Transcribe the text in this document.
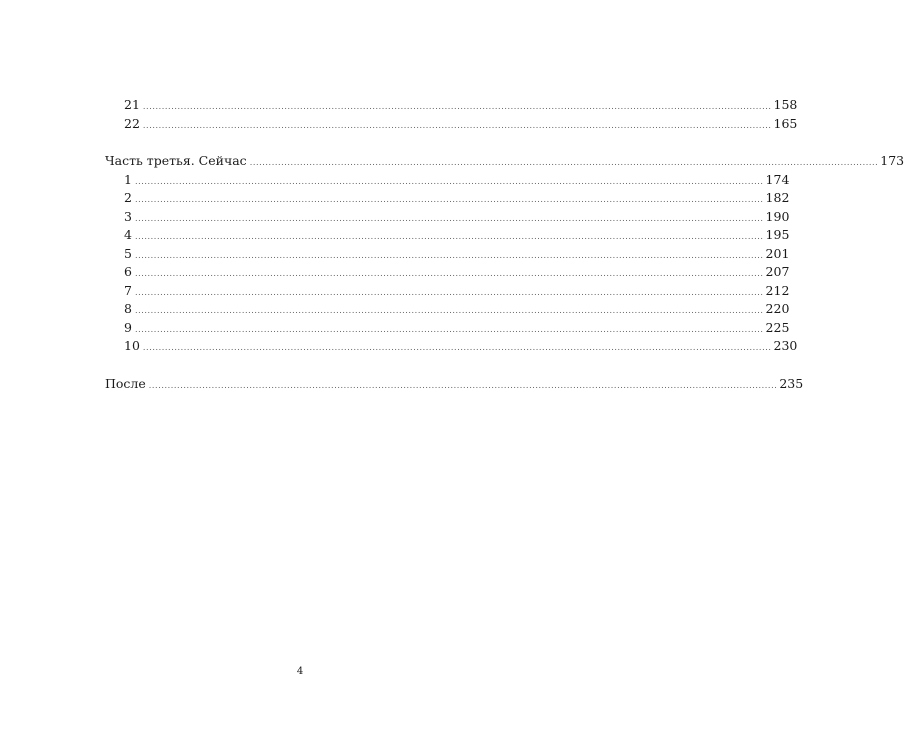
21 ........................................................................................................................................................................................................ 158
22 ........................................................................................................................................................................................................ 165
Часть третья. Сейчас ........................................................................................................................................................................................................ 173
1 ........................................................................................................................................................................................................ 174
2 ........................................................................................................................................................................................................ 182
3 ........................................................................................................................................................................................................ 190
4 ........................................................................................................................................................................................................ 195
5 ........................................................................................................................................................................................................ 201
6 ........................................................................................................................................................................................................ 207
7 ........................................................................................................................................................................................................ 212
8 ........................................................................................................................................................................................................ 220
9 ........................................................................................................................................................................................................ 225
10 ........................................................................................................................................................................................................ 230
После ........................................................................................................................................................................................................ 235
4
